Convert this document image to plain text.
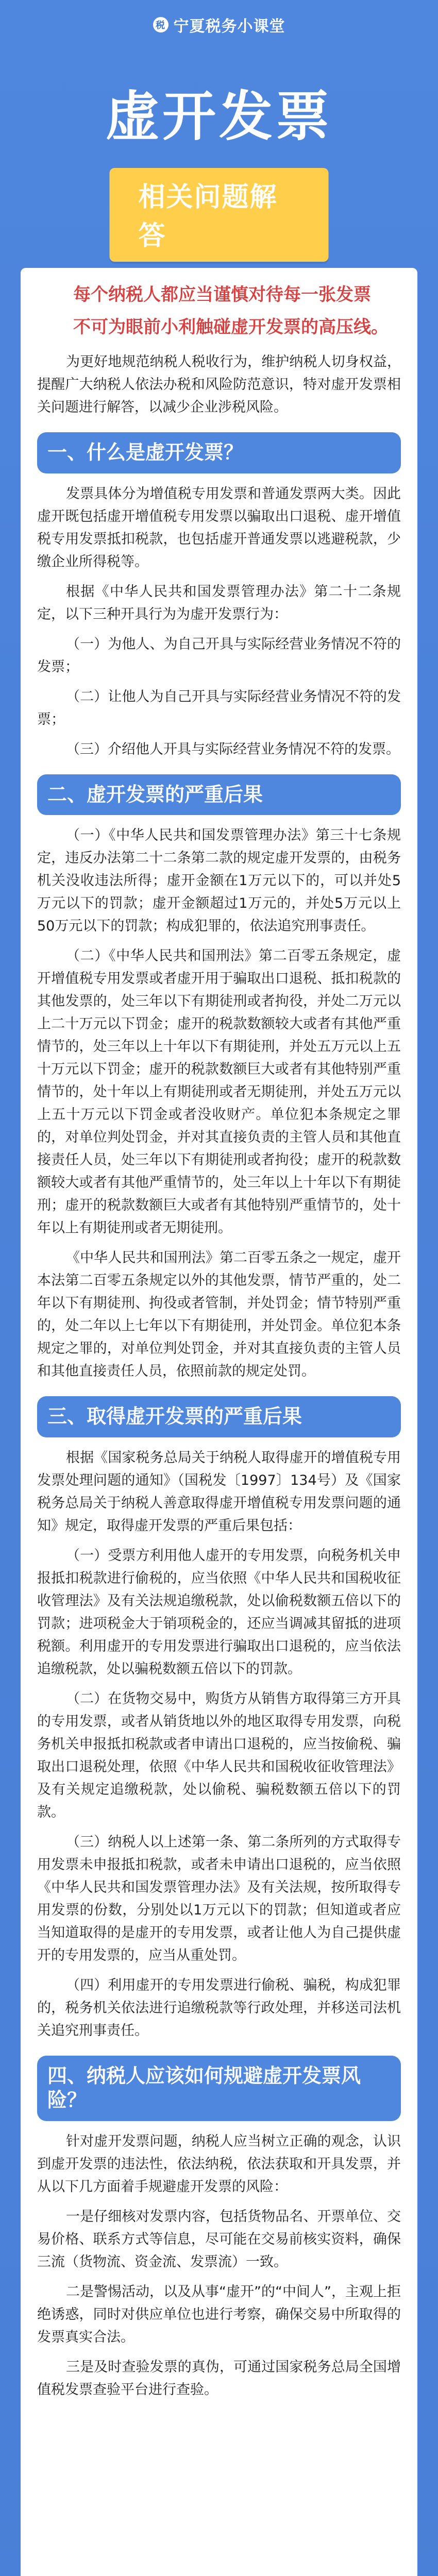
税 宁夏税务小课堂
虚开发票
相关问题解答
每个纳税人都应当谨慎对待每一张发票
不可为眼前小利触碰虚开发票的高压线。

为更好地规范纳税人税收行为，维护纳税人切身权益，提醒广大纳税人依法办税和风险防范意识，特对虚开发票相关问题进行解答，以减少企业涉税风险。

一、什么是虚开发票？

发票具体分为增值税专用发票和普通发票两大类。因此虚开既包括虚开增值税专用发票以骗取出口退税、虚开增值税专用发票抵扣税款，也包括虚开普通发票以逃避税款，少缴企业所得税等。

根据《中华人民共和国发票管理办法》第二十二条规定，以下三种开具行为为虚开发票行为：

（一）为他人、为自己开具与实际经营业务情况不符的发票；

（二）让他人为自己开具与实际经营业务情况不符的发票；

（三）介绍他人开具与实际经营业务情况不符的发票。

二、虚开发票的严重后果

（一）《中华人民共和国发票管理办法》第三十七条规定，违反办法第二十二条第二款的规定虚开发票的，由税务机关没收违法所得；虚开金额在1万元以下的，可以并处5万元以下的罚款；虚开金额超过1万元的，并处5万元以上50万元以下的罚款；构成犯罪的，依法追究刑事责任。

（二）《中华人民共和国刑法》第二百零五条规定，虚开增值税专用发票或者虚开用于骗取出口退税、抵扣税款的其他发票的，处三年以下有期徒刑或者拘役，并处二万元以上二十万元以下罚金；虚开的税款数额较大或者有其他严重情节的，处三年以上十年以下有期徒刑，并处五万元以上五十万元以下罚金；虚开的税款数额巨大或者有其他特别严重情节的，处十年以上有期徒刑或者无期徒刑，并处五万元以上五十万元以下罚金或者没收财产。单位犯本条规定之罪的，对单位判处罚金，并对其直接负责的主管人员和其他直接责任人员，处三年以下有期徒刑或者拘役；虚开的税款数额较大或者有其他严重情节的，处三年以上十年以下有期徒刑；虚开的税款数额巨大或者有其他特别严重情节的，处十年以上有期徒刑或者无期徒刑。

《中华人民共和国刑法》第二百零五条之一规定，虚开本法第二百零五条规定以外的其他发票，情节严重的，处二年以下有期徒刑、拘役或者管制，并处罚金；情节特别严重的，处二年以上七年以下有期徒刑，并处罚金。单位犯本条规定之罪的，对单位判处罚金，并对其直接负责的主管人员和其他直接责任人员，依照前款的规定处罚。

三、取得虚开发票的严重后果

根据《国家税务总局关于纳税人取得虚开的增值税专用发票处理问题的通知》（国税发〔1997〕134号）及《国家税务总局关于纳税人善意取得虚开增值税专用发票问题的通知》规定，取得虚开发票的严重后果包括：

（一）受票方利用他人虚开的专用发票，向税务机关申报抵扣税款进行偷税的，应当依照《中华人民共和国税收征收管理法》及有关法规追缴税款，处以偷税数额五倍以下的罚款；进项税金大于销项税金的，还应当调减其留抵的进项税额。利用虚开的专用发票进行骗取出口退税的，应当依法追缴税款，处以骗税数额五倍以下的罚款。

（二）在货物交易中，购货方从销售方取得第三方开具的专用发票，或者从销货地以外的地区取得专用发票，向税务机关申报抵扣税款或者申请出口退税的，应当按偷税、骗取出口退税处理，依照《中华人民共和国税收征收管理法》及有关规定追缴税款，处以偷税、骗税数额五倍以下的罚款。

（三）纳税人以上述第一条、第二条所列的方式取得专用发票未申报抵扣税款，或者未申请出口退税的，应当依照《中华人民共和国发票管理办法》及有关法规，按所取得专用发票的份数，分别处以1万元以下的罚款；但知道或者应当知道取得的是虚开的专用发票，或者让他人为自己提供虚开的专用发票的，应当从重处罚。

（四）利用虚开的专用发票进行偷税、骗税，构成犯罪的，税务机关依法进行追缴税款等行政处理，并移送司法机关追究刑事责任。

四、纳税人应该如何规避虚开发票风险？

针对虚开发票问题，纳税人应当树立正确的观念，认识到虚开发票的违法性，依法纳税，依法获取和开具发票，并从以下几方面着手规避虚开发票的风险：

一是仔细核对发票内容，包括货物品名、开票单位、交易价格、联系方式等信息，尽可能在交易前核实资料，确保三流（货物流、资金流、发票流）一致。

二是警惕活动，以及从事“虚开”的“中间人”，主观上拒绝诱惑，同时对供应单位也进行考察，确保交易中所取得的发票真实合法。

三是及时查验发票的真伪，可通过国家税务总局全国增值税发票查验平台进行查验。
